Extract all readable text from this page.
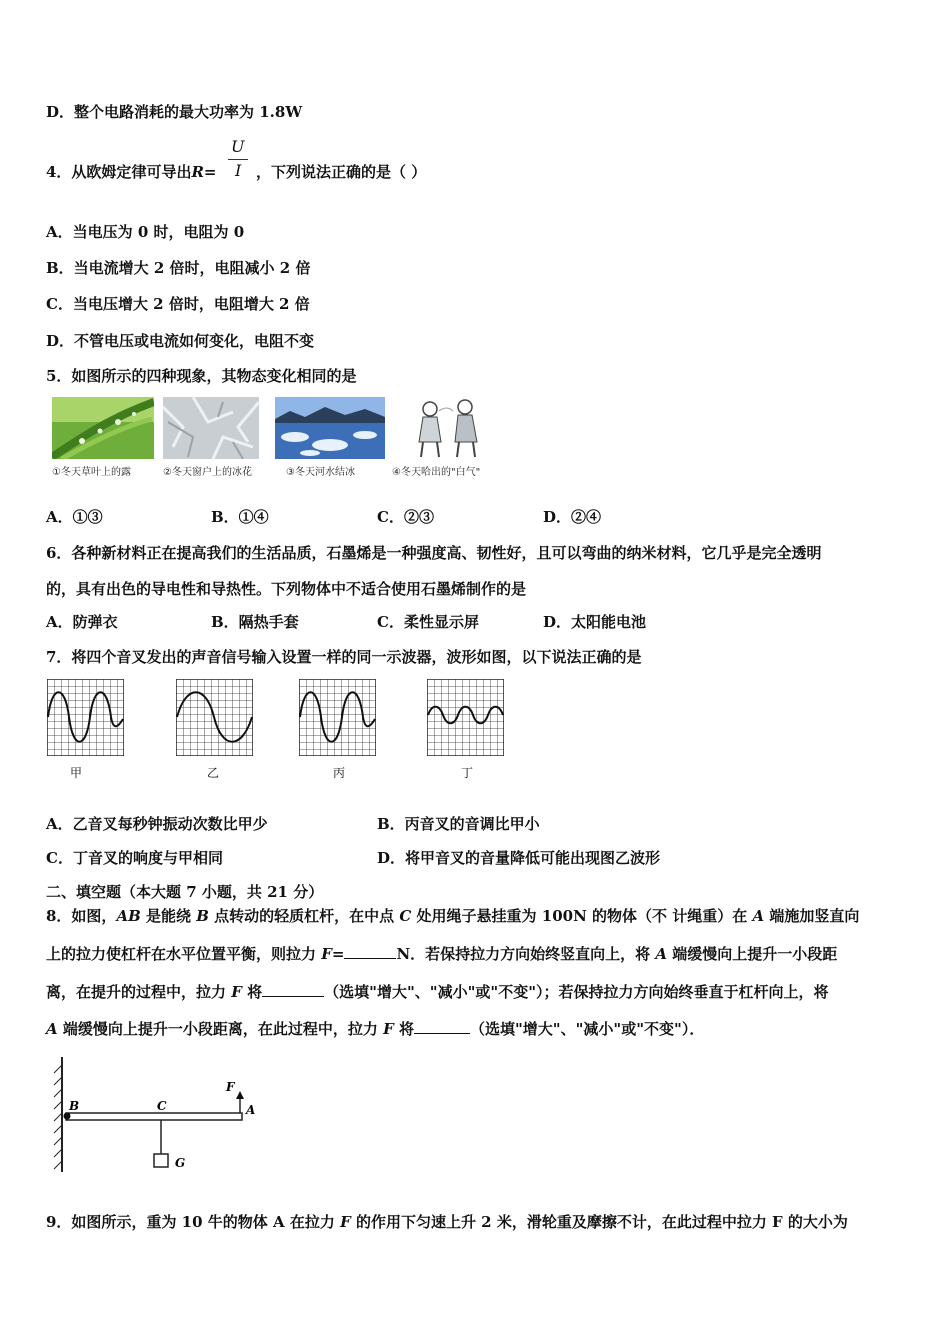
D．整个电路消耗的最大功率为 1.8W
4．从欧姆定律可导出R=
U
I ，下列说法正确的是（ ）
A．当电压为 0 时，电阻为 0
B．当电流增大 2 倍时，电阻减小 2 倍
C．当电压增大 2 倍时，电阻增大 2 倍
D．不管电压或电流如何变化，电阻不变
5．如图所示的四种现象，其物态变化相同的是
①冬天草叶上的露	②冬天窗户上的冰花	③冬天河水结冰	④冬天哈出的"白气"
A．①③	B．①④	C．②③	D．②④
6．各种新材料正在提高我们的生活品质，石墨烯是一种强度高、韧性好，且可以弯曲的纳米材料，它几乎是完全透明
的，具有出色的导电性和导热性。下列物体中不适合使用石墨烯制作的是
A．防弹衣	B．隔热手套	C．柔性显示屏	D．太阳能电池
7．将四个音叉发出的声音信号输入设置一样的同一示波器，波形如图，以下说法正确的是
甲	乙	丙	丁
A．乙音叉每秒钟振动次数比甲少	B．丙音叉的音调比甲小
C．丁音叉的响度与甲相同	D．将甲音叉的音量降低可能出现图乙波形
二、填空题（本大题 7 小题，共 21 分）
8．如图，AB 是能绕 B 点转动的轻质杠杆，在中点 C 处用绳子悬挂重为 100N 的物体（不 计绳重）在 A 端施加竖直向
上的拉力使杠杆在水平位置平衡，则拉力 F=	N．若保持拉力方向始终竖直向上，将 A 端缓慢向上提升一小段距
离，在提升的过程中，拉力 F 将	（选填"增大"、"减小"或"不变"）；若保持拉力方向始终垂直于杠杆向上，将
A 端缓慢向上提升一小段距离，在此过程中，拉力 F 将	（选填"增大"、"减小"或"不变"）．
B	C
F
A
G
9．如图所示，重为 10 牛的物体 A 在拉力 F 的作用下匀速上升 2 米，滑轮重及摩擦不计，在此过程中拉力 F 的大小为
